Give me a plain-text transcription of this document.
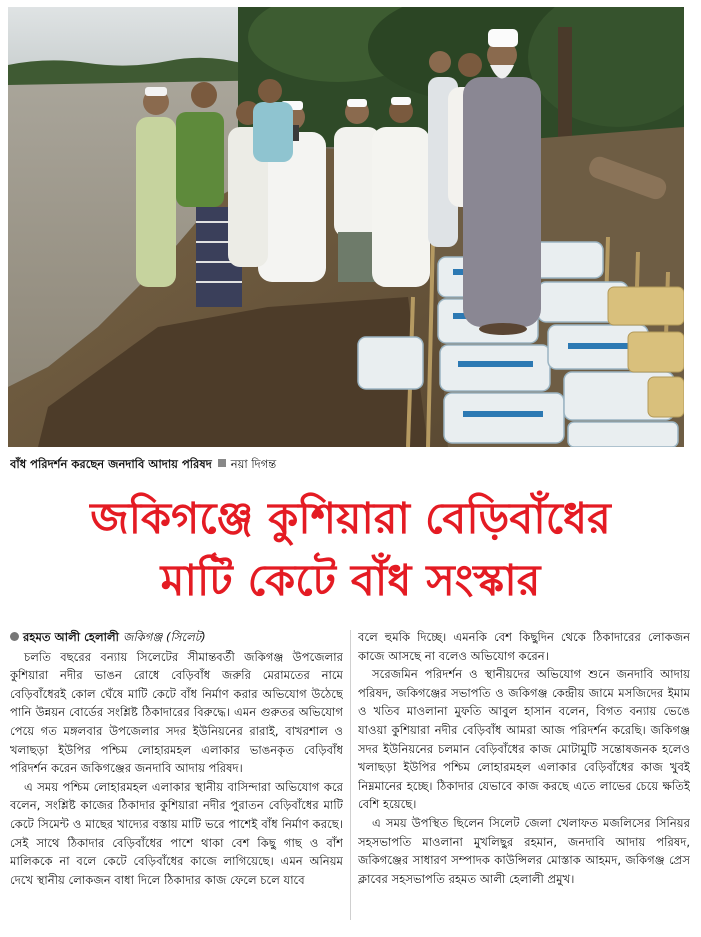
বাঁধ পরিদর্শন করছেন জনদাবি আদায় পরিষদ নয়া দিগন্ত
জকিগঞ্জে কুশিয়ারা বেড়িবাঁধের
মাটি কেটে বাঁধ সংস্কার
রহমত আলী হেলালী জকিগঞ্জ (সিলেট)

চলতি বছরের বন্যায় সিলেটের সীমান্তবর্তী জকিগঞ্জ উপজেলার কুশিয়ারা নদীর ভাঙন রোধে বেড়িবাঁধ জরুরি মেরামতের নামে বেড়িবাঁধেরই কোল ঘেঁষে মাটি কেটে বাঁধ নির্মাণ করার অভিযোগ উঠেছে পানি উন্নয়ন বোর্ডের সংশ্লিষ্ট ঠিকাদারের বিরুদ্ধে। এমন গুরুতর অভিযোগ পেয়ে গত মঙ্গলবার উপজেলার সদর ইউনিয়নের রারাই, বাখরশাল ও খলাছড়া ইউপির পশ্চিম লোহারমহল এলাকার ভাঙনকৃত বেড়িবাঁধ পরিদর্শন করেন জকিগঞ্জের জনদাবি আদায় পরিষদ।

এ সময় পশ্চিম লোহারমহল এলাকার স্থানীয় বাসিন্দারা অভিযোগ করে বলেন, সংশ্লিষ্ট কাজের ঠিকাদার কুশিয়ারা নদীর পুরাতন বেড়িবাঁধের মাটি কেটে সিমেন্ট ও মাছের খাদ্যের বস্তায় মাটি ভরে পাশেই বাঁধ নির্মাণ করছে। সেই সাথে ঠিকাদার বেড়িবাঁধের পাশে থাকা বেশ কিছু গাছ ও বাঁশ মালিককে না বলে কেটে বেড়িবাঁধের কাজে লাগিয়েছে। এমন অনিয়ম দেখে স্থানীয় লোকজন বাধা দিলে ঠিকাদার কাজ ফেলে চলে যাবে

বলে হুমকি দিচ্ছে। এমনকি বেশ কিছুদিন থেকে ঠিকাদারের লোকজন কাজে আসছে না বলেও অভিযোগ করেন।

সরেজমিন পরিদর্শন ও স্থানীয়দের অভিযোগ শুনে জনদাবি আদায় পরিষদ, জকিগঞ্জের সভাপতি ও জকিগঞ্জ কেন্দ্রীয় জামে মসজিদের ইমাম ও খতিব মাওলানা মুফতি আবুল হাসান বলেন, বিগত বন্যায় ভেঙে যাওয়া কুশিয়ারা নদীর বেড়িবাঁধ আমরা আজ পরিদর্শন করেছি। জকিগঞ্জ সদর ইউনিয়নের চলমান বেড়িবাঁধের কাজ মোটামুটি সন্তোষজনক হলেও খলাছড়া ইউপির পশ্চিম লোহারমহল এলাকার বেড়িবাঁধের কাজ খুবই নিম্নমানের হচ্ছে। ঠিকাদার যেভাবে কাজ করছে এতে লাভের চেয়ে ক্ষতিই বেশি হয়েছে।

এ সময় উপস্থিত ছিলেন সিলেট জেলা খেলাফত মজলিসের সিনিয়র সহসভাপতি মাওলানা মুখলিছুর রহমান, জনদাবি আদায় পরিষদ, জকিগঞ্জের সাধারণ সম্পাদক কাউন্সিলর মোস্তাক আহমদ, জকিগঞ্জ প্রেস ক্লাবের সহসভাপতি রহমত আলী হেলালী প্রমুখ।
